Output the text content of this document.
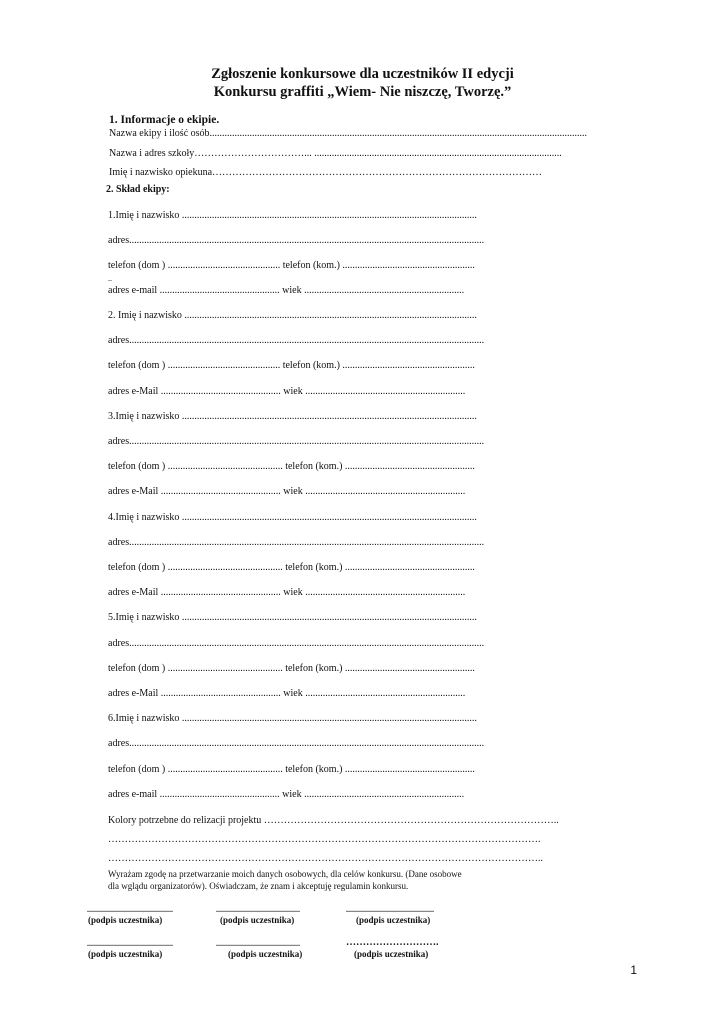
Zgłoszenie konkursowe dla uczestników II edycji
Konkursu graffiti „Wiem- Nie niszczę, Tworzę.”
1. Informacje o ekipie.
Nazwa ekipy i ilość osób.......................................................................................................................................................
Nazwa i adres szkoły……………………………... ...................................................................................................
Imię i nazwisko opiekuna………………………………………………………………………………………
2. Skład ekipy:
1.Imię i nazwisko ......................................................................................................................
adres..............................................................................................................................................
telefon (dom ) ............................................. telefon (kom.) .....................................................
..
adres e-mail ................................................ wiek ................................................................
2. Imię i nazwisko .....................................................................................................................
adres..............................................................................................................................................
telefon (dom ) ............................................. telefon (kom.) .....................................................
adres e-Mail ................................................ wiek ................................................................
3.Imię i nazwisko ......................................................................................................................
adres..............................................................................................................................................
telefon (dom ) .............................................. telefon (kom.) ....................................................
adres e-Mail ................................................ wiek ................................................................
4.Imię i nazwisko ......................................................................................................................
adres..............................................................................................................................................
telefon (dom ) .............................................. telefon (kom.) ....................................................
adres e-Mail ................................................ wiek ................................................................
5.Imię i nazwisko ......................................................................................................................
adres..............................................................................................................................................
telefon (dom ) .............................................. telefon (kom.) ....................................................
adres e-Mail ................................................ wiek ................................................................
6.Imię i nazwisko ......................................................................................................................
adres..............................................................................................................................................
telefon (dom ) .............................................. telefon (kom.) ....................................................
adres e-mail ................................................ wiek ................................................................
Kolory potrzebne do relizacji projektu ……………………………………………………………………………..
………………………………………………………………………………………………………………….
…………………………………………………………………………………………………………………..
Wyrażam zgodę na przetwarzanie moich danych osobowych, dla celów konkursu. (Dane osobowe
dla wglądu organizatorów). Oświadczam, że znam i akceptuję regulamin konkursu.
...........................................
(podpis uczestnika)
..........................................
(podpis uczestnika)
............................................
(podpis uczestnika)
...........................................
(podpis uczestnika)
..........................................
(podpis uczestnika)
……………………….
(podpis uczestnika)
1
